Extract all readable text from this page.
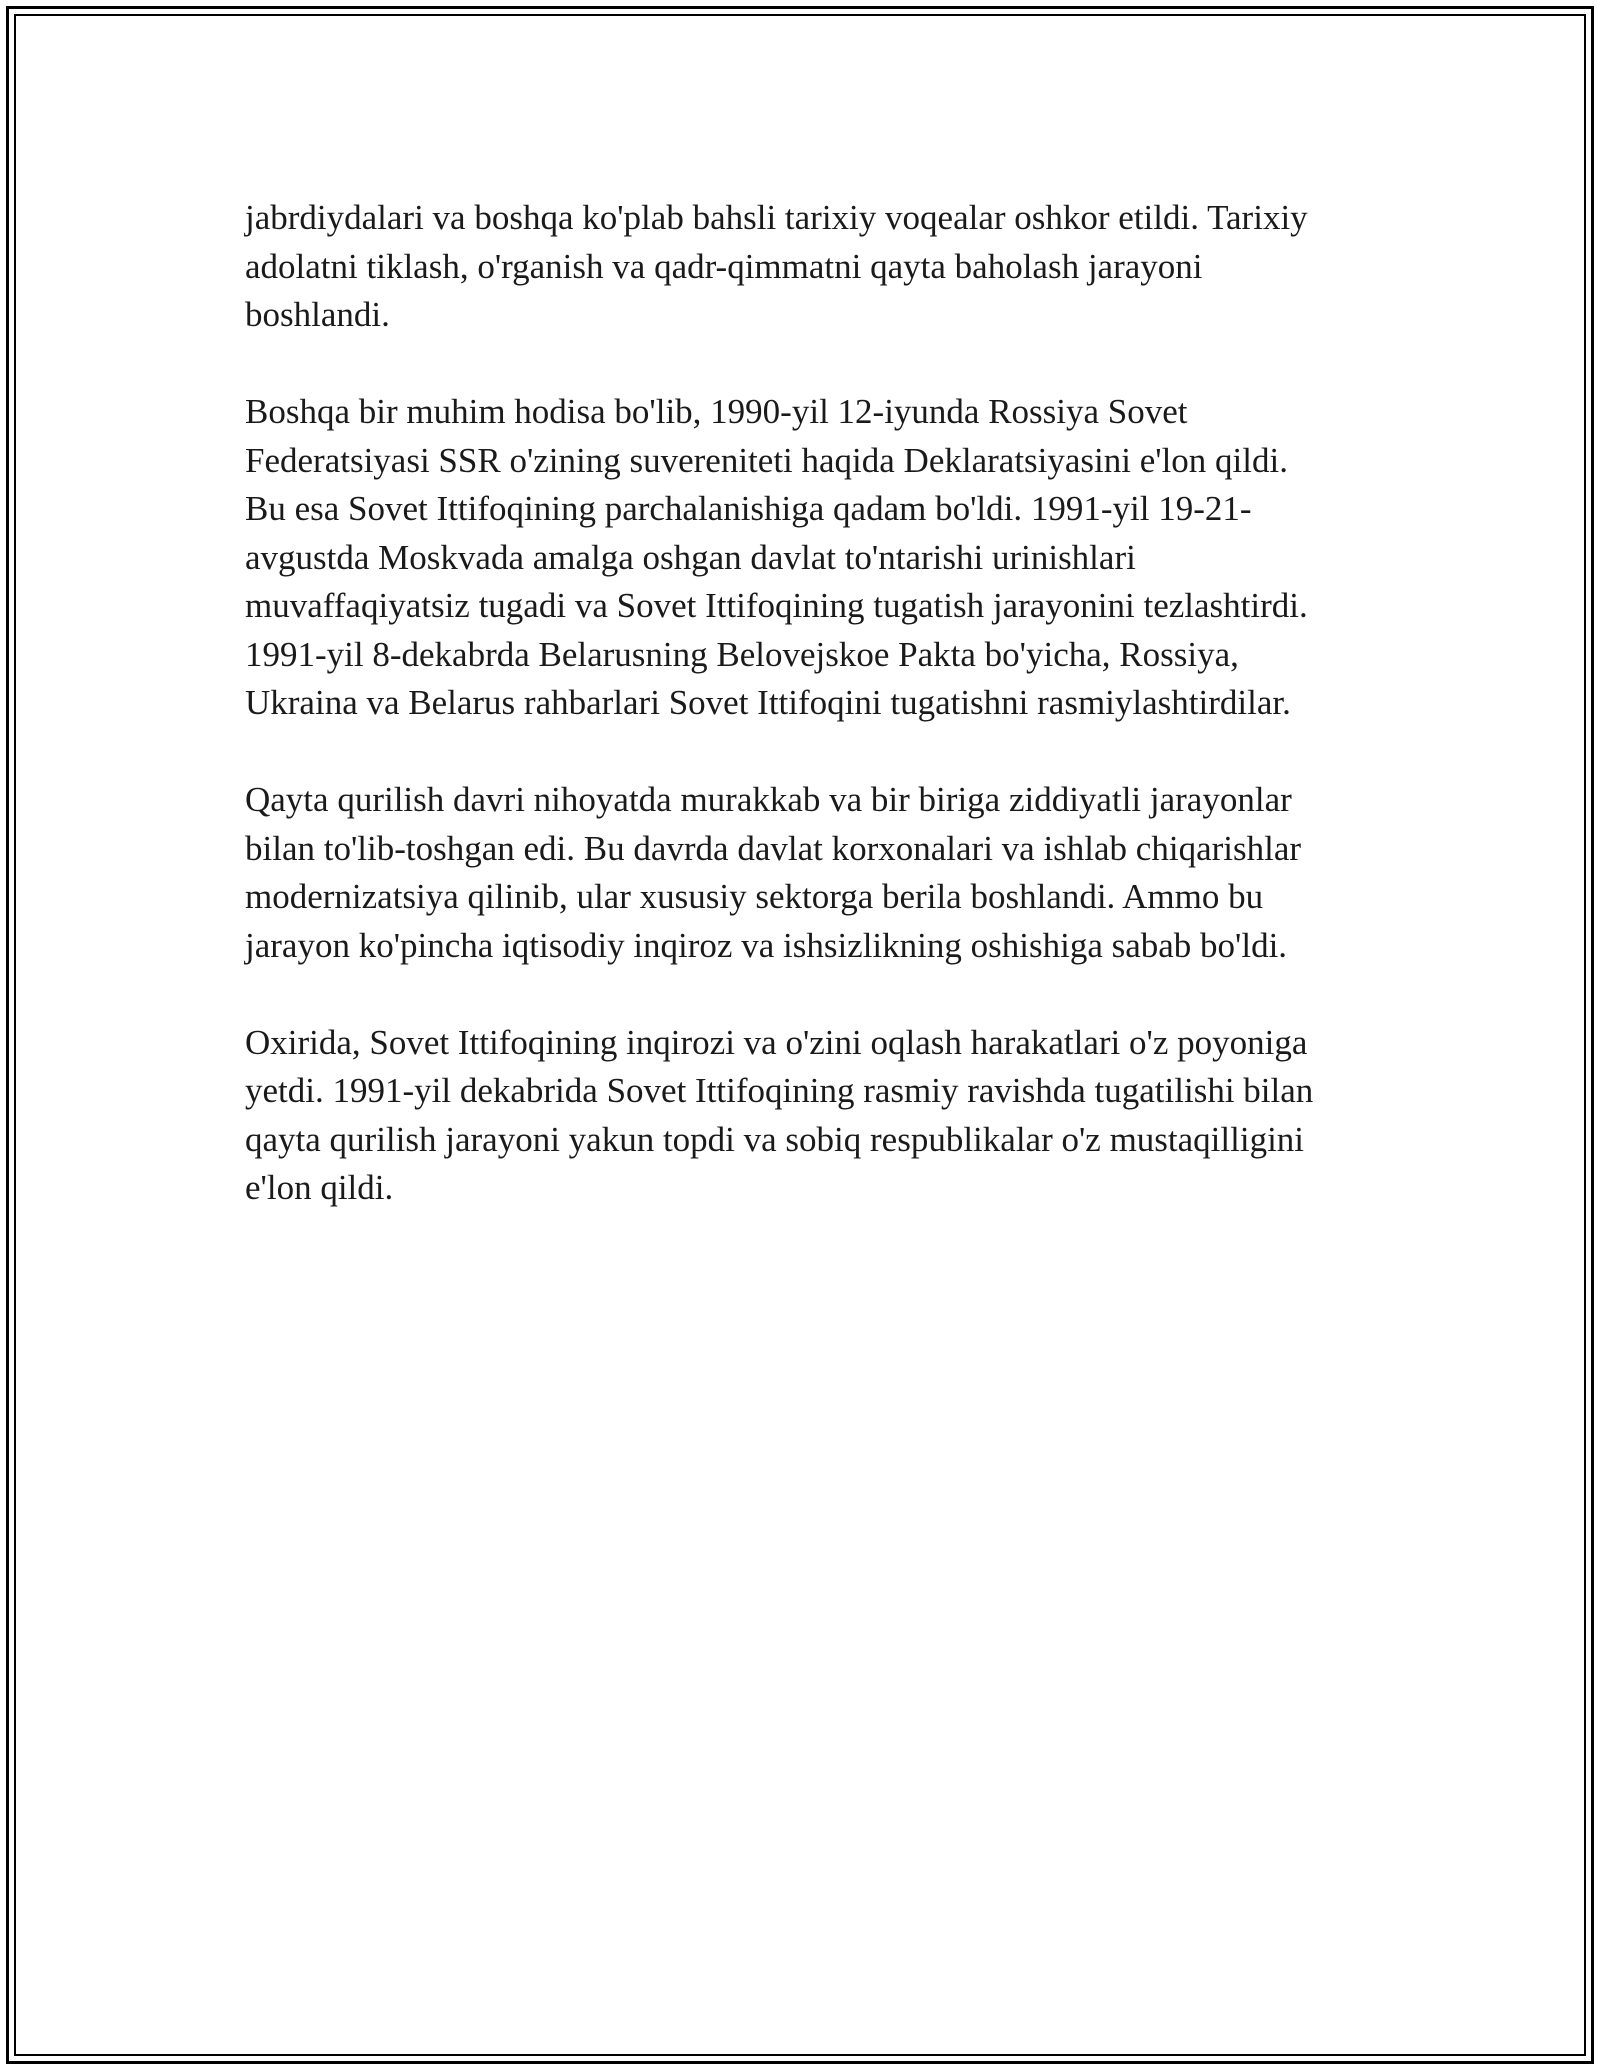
jabrdiydalari va boshqa ko'plab bahsli tarixiy voqealar oshkor etildi. Tarixiy
adolatni tiklash, o'rganish va qadr-qimmatni qayta baholash jarayoni
boshlandi.

Boshqa bir muhim hodisa bo'lib, 1990-yil 12-iyunda Rossiya Sovet
Federatsiyasi SSR o'zining suvereniteti haqida Deklaratsiyasini e'lon qildi.
Bu esa Sovet Ittifoqining parchalanishiga qadam bo'ldi. 1991-yil 19-21-
avgustda Moskvada amalga oshgan davlat to'ntarishi urinishlari
muvaffaqiyatsiz tugadi va Sovet Ittifoqining tugatish jarayonini tezlashtirdi.
1991-yil 8-dekabrda Belarusning Belovejskoe Pakta bo'yicha, Rossiya,
Ukraina va Belarus rahbarlari Sovet Ittifoqini tugatishni rasmiylashtirdilar.

Qayta qurilish davri nihoyatda murakkab va bir biriga ziddiyatli jarayonlar
bilan to'lib-toshgan edi. Bu davrda davlat korxonalari va ishlab chiqarishlar
modernizatsiya qilinib, ular xususiy sektorga berila boshlandi. Ammo bu
jarayon ko'pincha iqtisodiy inqiroz va ishsizlikning oshishiga sabab bo'ldi.

Oxirida, Sovet Ittifoqining inqirozi va o'zini oqlash harakatlari o'z poyoniga
yetdi. 1991-yil dekabrida Sovet Ittifoqining rasmiy ravishda tugatilishi bilan
qayta qurilish jarayoni yakun topdi va sobiq respublikalar o'z mustaqilligini
e'lon qildi.
